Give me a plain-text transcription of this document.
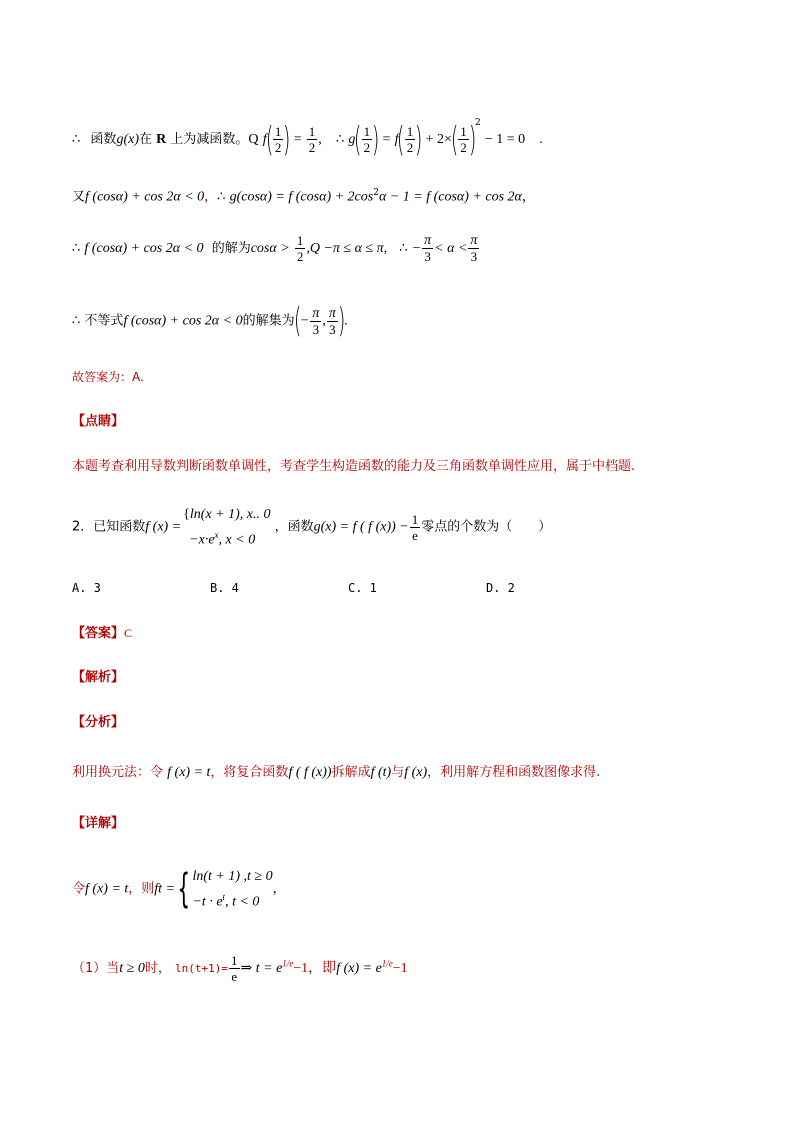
∴ 函数g(x)在 R 上为减函数。Q $f( \frac{1}{2}$ ) = $\frac{1}{2}$ , ∴ $g( \frac{1}{2}$ ) = $f( \frac{1}{2}$ ) + $2\times( \frac{1}{2} )^2 - 1 = 0$ .
又f (cosα) + cos 2α < 0，∴ g(cosα) = f $(\cos\alpha) + 2\cos^2\alpha - 1 = f$ (cosα) + cos 2α，
∴ f (cosα) + cos 2α < 0 的解为$\cos\alpha > \frac{1}{2} ,Q -\pi \le \alpha \le \pi$, ∴ − $\frac{\pi}{3} < \alpha < \frac{\pi}{3}$
∴ 不等式f (cosα) + cos 2α < 0的解集为(− $\frac{\pi}{3}$ , $\frac{\pi}{3}$ ).
故答案为：A.
【点睛】
本题考查利用导数判断函数单调性，考查学生构造函数的能力及三角函数单调性应用，属于中档题.
2．已知函数f (x) =
{ln(x + 1), x.. 0
$-x\cdot e^x$, x < 0
，函数g(x) = f ( f $(x)) - \frac{1}{e}$ 零点的个数为（　　）
A. 3	B. 4	C. 1	D. 2
【答案】C
【解析】
【分析】
利用换元法：令 f (x) = t，将复合函数f ( f (x))拆解成f (t)与f (x)，利用解方程和函数图像求得.
【详解】
令f (x) = t，则ft ={ ln(t + 1) ,t ≥ 0
$-t \cdot e^t$, t < 0
，
（1）当t ≥ 0时， $\ln(t+1)= \frac{1}{e}$ ⇒ $t = e^{1/e}-1$，即f $(x) = e^{1/e}-1$
